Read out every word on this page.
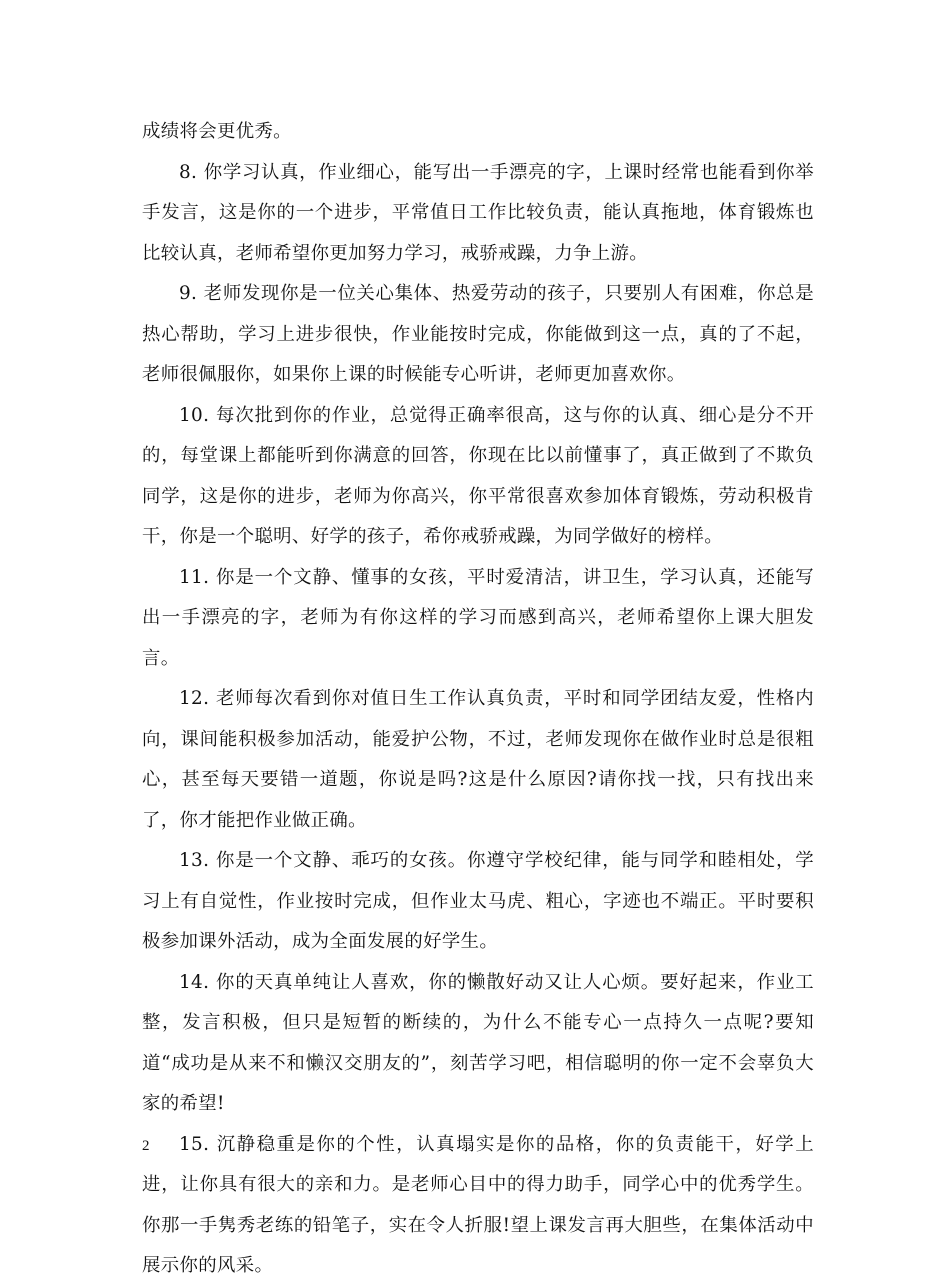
成绩将会更优秀。

8. 你学习认真，作业细心，能写出一手漂亮的字，上课时经常也能看到你举手发言，这是你的一个进步，平常值日工作比较负责，能认真拖地，体育锻炼也比较认真，老师希望你更加努力学习，戒骄戒躁，力争上游。

9. 老师发现你是一位关心集体、热爱劳动的孩子，只要别人有困难，你总是热心帮助，学习上进步很快，作业能按时完成，你能做到这一点，真的了不起，老师很佩服你，如果你上课的时候能专心听讲，老师更加喜欢你。

10. 每次批到你的作业，总觉得正确率很高，这与你的认真、细心是分不开的，每堂课上都能听到你满意的回答，你现在比以前懂事了，真正做到了不欺负同学，这是你的进步，老师为你高兴，你平常很喜欢参加体育锻炼，劳动积极肯干，你是一个聪明、好学的孩子，希你戒骄戒躁，为同学做好的榜样。

11. 你是一个文静、懂事的女孩，平时爱清洁，讲卫生，学习认真，还能写出一手漂亮的字，老师为有你这样的学习而感到高兴，老师希望你上课大胆发言。

12. 老师每次看到你对值日生工作认真负责，平时和同学团结友爱，性格内向，课间能积极参加活动，能爱护公物，不过，老师发现你在做作业时总是很粗心，甚至每天要错一道题，你说是吗?这是什么原因?请你找一找，只有找出来了，你才能把作业做正确。

13. 你是一个文静、乖巧的女孩。你遵守学校纪律，能与同学和睦相处，学习上有自觉性，作业按时完成，但作业太马虎、粗心，字迹也不端正。平时要积极参加课外活动，成为全面发展的好学生。

14. 你的天真单纯让人喜欢，你的懒散好动又让人心烦。要好起来，作业工整，发言积极，但只是短暂的断续的，为什么不能专心一点持久一点呢?要知道“成功是从来不和懒汉交朋友的”，刻苦学习吧，相信聪明的你一定不会辜负大家的希望!

15. 沉静稳重是你的个性，认真塌实是你的品格，你的负责能干，好学上进，让你具有很大的亲和力。是老师心目中的得力助手，同学心中的优秀学生。你那一手隽秀老练的铅笔子，实在令人折服!望上课发言再大胆些，在集体活动中展示你的风采。

2
